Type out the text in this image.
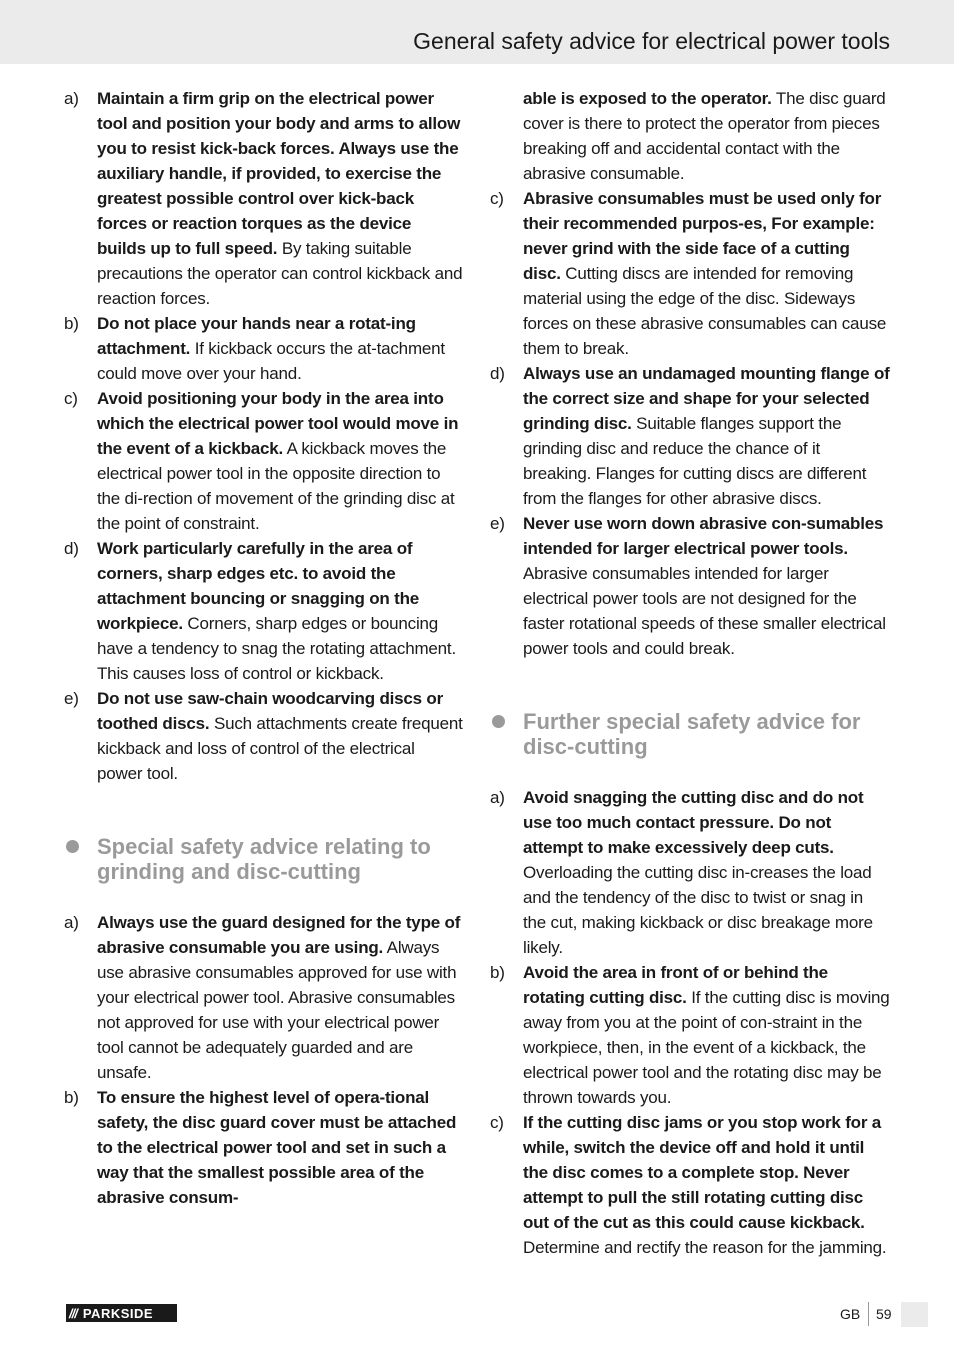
General safety advice for electrical power tools
a) Maintain a firm grip on the electrical power tool and position your body and arms to allow you to resist kick-back forces. Always use the auxiliary handle, if provided, to exercise the greatest possible control over kick-back forces or reaction torques as the device builds up to full speed. By taking suitable precautions the operator can control kickback and reaction forces.
b) Do not place your hands near a rotat-ing attachment. If kickback occurs the at-tachment could move over your hand.
c) Avoid positioning your body in the area into which the electrical power tool would move in the event of a kickback. A kickback moves the electrical power tool in the opposite direction to the di-rection of movement of the grinding disc at the point of constraint.
d) Work particularly carefully in the area of corners, sharp edges etc. to avoid the attachment bouncing or snagging on the workpiece. Corners, sharp edges or bouncing have a tendency to snag the rotating attachment. This causes loss of control or kickback.
e) Do not use saw-chain woodcarving discs or toothed discs. Such attachments create frequent kickback and loss of control of the electrical power tool.
Special safety advice relating to grinding and disc-cutting
a) Always use the guard designed for the type of abrasive consumable you are using. Always use abrasive consumables approved for use with your electrical power tool. Abrasive consumables not approved for use with your electrical power tool cannot be adequately guarded and are unsafe.
b) To ensure the highest level of opera-tional safety, the disc guard cover must be attached to the electrical power tool and set in such a way that the smallest possible area of the abrasive consum-
able is exposed to the operator. The disc guard cover is there to protect the operator from pieces breaking off and accidental contact with the abrasive consumable.
c) Abrasive consumables must be used only for their recommended purpos-es, For example: never grind with the side face of a cutting disc. Cutting discs are intended for removing material using the edge of the disc. Sideways forces on these abrasive consumables can cause them to break.
d) Always use an undamaged mounting flange of the correct size and shape for your selected grinding disc. Suitable flanges support the grinding disc and reduce the chance of it breaking. Flanges for cutting discs are different from the flanges for other abrasive discs.
e) Never use worn down abrasive con-sumables intended for larger electrical power tools. Abrasive consumables intended for larger electrical power tools are not designed for the faster rotational speeds of these smaller electrical power tools and could break.
Further special safety advice for disc-cutting
a) Avoid snagging the cutting disc and do not use too much contact pressure. Do not attempt to make excessively deep cuts. Overloading the cutting disc in-creases the load and the tendency of the disc to twist or snag in the cut, making kickback or disc breakage more likely.
b) Avoid the area in front of or behind the rotating cutting disc. If the cutting disc is moving away from you at the point of con-straint in the workpiece, then, in the event of a kickback, the electrical power tool and the rotating disc may be thrown towards you.
c) If the cutting disc jams or you stop work for a while, switch the device off and hold it until the disc comes to a complete stop. Never attempt to pull the still rotating cutting disc out of the cut as this could cause kickback. Determine and rectify the reason for the jamming.
/// PARKSIDE	GB 59
